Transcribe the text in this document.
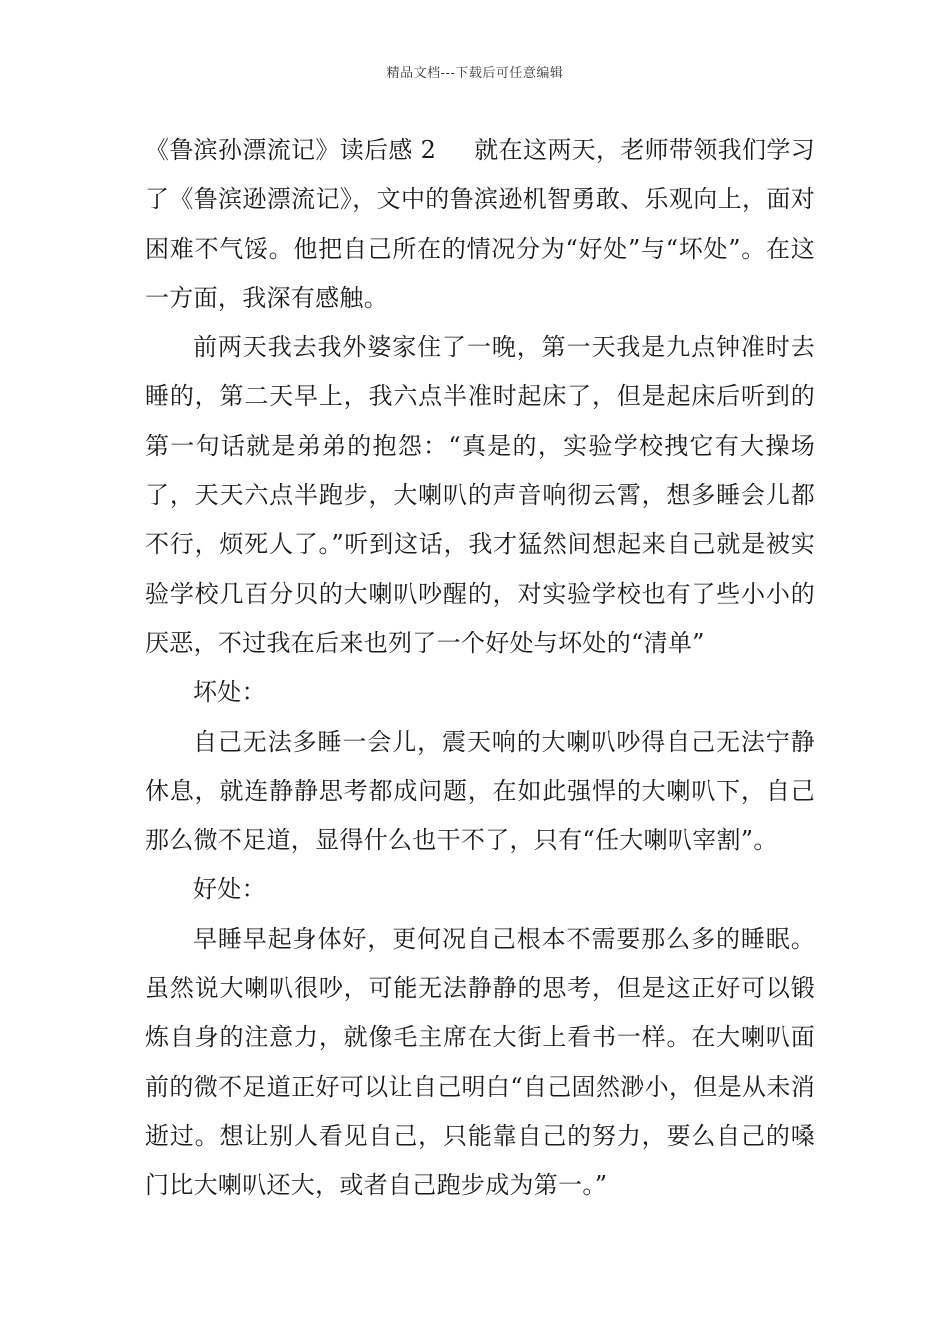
精品文档---下载后可任意编辑

《鲁滨孙漂流记》读后感 2 就在这两天，老师带领我们学习了《鲁滨逊漂流记》，文中的鲁滨逊机智勇敢、乐观向上，面对困难不气馁。他把自己所在的情况分为“好处”与“坏处”。在这一方面，我深有感触。

前两天我去我外婆家住了一晚，第一天我是九点钟准时去睡的，第二天早上，我六点半准时起床了，但是起床后听到的第一句话就是弟弟的抱怨：“真是的，实验学校拽它有大操场了，天天六点半跑步，大喇叭的声音响彻云霄，想多睡会儿都不行，烦死人了。”听到这话，我才猛然间想起来自己就是被实验学校几百分贝的大喇叭吵醒的，对实验学校也有了些小小的厌恶，不过我在后来也列了一个好处与坏处的“清单”

坏处：

自己无法多睡一会儿，震天响的大喇叭吵得自己无法宁静休息，就连静静思考都成问题，在如此强悍的大喇叭下，自己那么微不足道，显得什么也干不了，只有“任大喇叭宰割”。

好处：

早睡早起身体好，更何况自己根本不需要那么多的睡眠。虽然说大喇叭很吵，可能无法静静的思考，但是这正好可以锻炼自身的注意力，就像毛主席在大街上看书一样。在大喇叭面前的微不足道正好可以让自己明白“自己固然渺小，但是从未消逝过。想让别人看见自己，只能靠自己的努力，要么自己的嗓门比大喇叭还大，或者自己跑步成为第一。”
